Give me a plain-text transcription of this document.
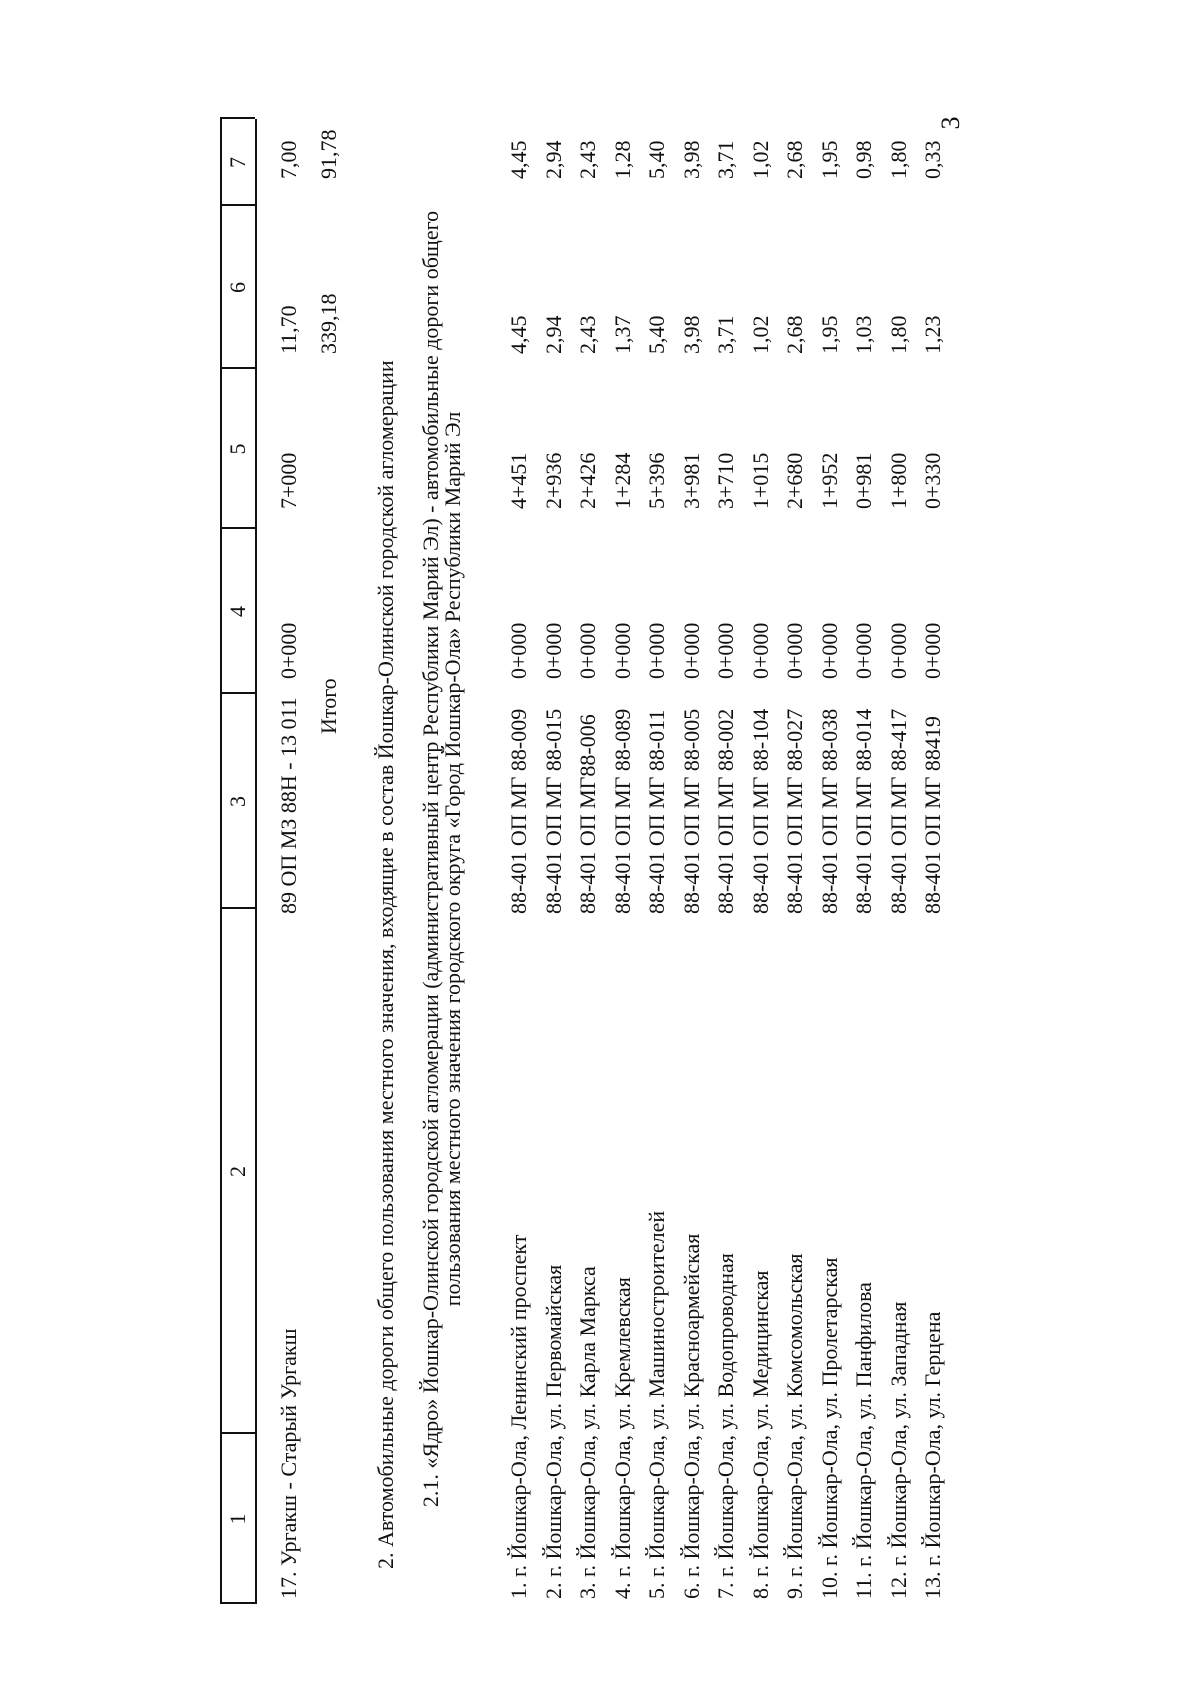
3
1
2
3
4
5
6
7
17. Ургакш - Старый Ургакш
89 ОП МЗ 88Н - 13 011
0+000
7+000
11,70
7,00
Итого
339,18
91,78
2. Автомобильные дороги общего пользования местного значения, входящие в состав Йошкар-Олинской городской агломерации 2.1. «Ядро» Йошкар-Олинской городской агломерации (административный центр Республики Марий Эл) - автомобильные дороги общего
пользования местного значения городского округа «Город Йошкар-Ола» Республики Марий Эл
1. г. Йошкар-Ола, Ленинский проспект
88-401 ОП МГ 88-009
0+000
4+451
4,45
4,45
2. г. Йошкар-Ола, ул. Первомайская
88-401 ОП МГ 88-015
0+000
2+936
2,94
2,94
3. г. Йошкар-Ола, ул. Карла Маркса
88-401 ОП МГ88-006
0+000
2+426
2,43
2,43
4. г. Йошкар-Ола, ул. Кремлевская
88-401 ОП МГ 88-089
0+000
1+284
1,37
1,28
5. г. Йошкар-Ола, ул. Машиностроителей
88-401 ОП МГ 88-011
0+000
5+396
5,40
5,40
6. г. Йошкар-Ола, ул. Красноармейская
88-401 ОП МГ 88-005
0+000
3+981
3,98
3,98
7. г. Йошкар-Ола, ул. Водопроводная
88-401 ОП МГ 88-002
0+000
3+710
3,71
3,71
8. г. Йошкар-Ола, ул. Медицинская
88-401 ОП МГ 88-104
0+000
1+015
1,02
1,02
9. г. Йошкар-Ола, ул. Комсомольская
88-401 ОП МГ 88-027
0+000
2+680
2,68
2,68
10. г. Йошкар-Ола, ул. Пролетарская
88-401 ОП МГ 88-038
0+000
1+952
1,95
1,95
11. г. Йошкар-Ола, ул. Панфилова
88-401 ОП МГ 88-014
0+000
0+981
1,03
0,98
12. г. Йошкар-Ола, ул. Западная
88-401 ОП МГ 88-417
0+000
1+800
1,80
1,80
13. г. Йошкар-Ола, ул. Герцена
88-401 ОП МГ 88419
0+000
0+330
1,23
0,33
